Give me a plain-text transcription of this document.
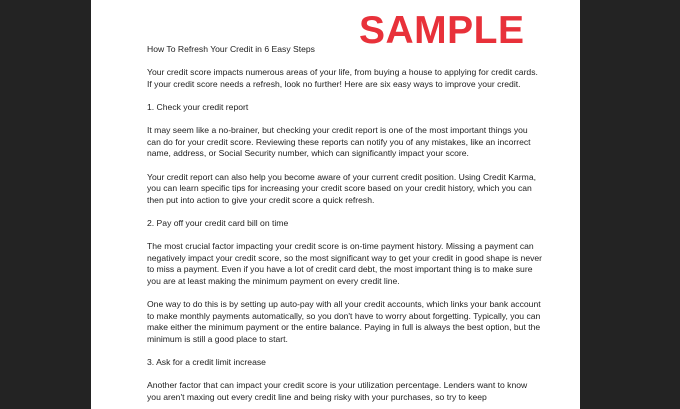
SAMPLE

How To Refresh Your Credit in 6 Easy Steps

Your credit score impacts numerous areas of your life, from buying a house to applying for credit cards. If your credit score needs a refresh, look no further! Here are six easy ways to improve your credit.

1. Check your credit report

It may seem like a no-brainer, but checking your credit report is one of the most important things you can do for your credit score. Reviewing these reports can notify you of any mistakes, like an incorrect name, address, or Social Security number, which can significantly impact your score.

Your credit report can also help you become aware of your current credit position. Using Credit Karma, you can learn specific tips for increasing your credit score based on your credit history, which you can then put into action to give your credit score a quick refresh.

2. Pay off your credit card bill on time

The most crucial factor impacting your credit score is on-time payment history. Missing a payment can negatively impact your credit score, so the most significant way to get your credit in good shape is never to miss a payment. Even if you have a lot of credit card debt, the most important thing is to make sure you are at least making the minimum payment on every credit line.

One way to do this is by setting up auto-pay with all your credit accounts, which links your bank account to make monthly payments automatically, so you don't have to worry about forgetting. Typically, you can make either the minimum payment or the entire balance. Paying in full is always the best option, but the minimum is still a good place to start.

3. Ask for a credit limit increase

Another factor that can impact your credit score is your utilization percentage. Lenders want to know you aren't maxing out every credit line and being risky with your purchases, so try to keep
